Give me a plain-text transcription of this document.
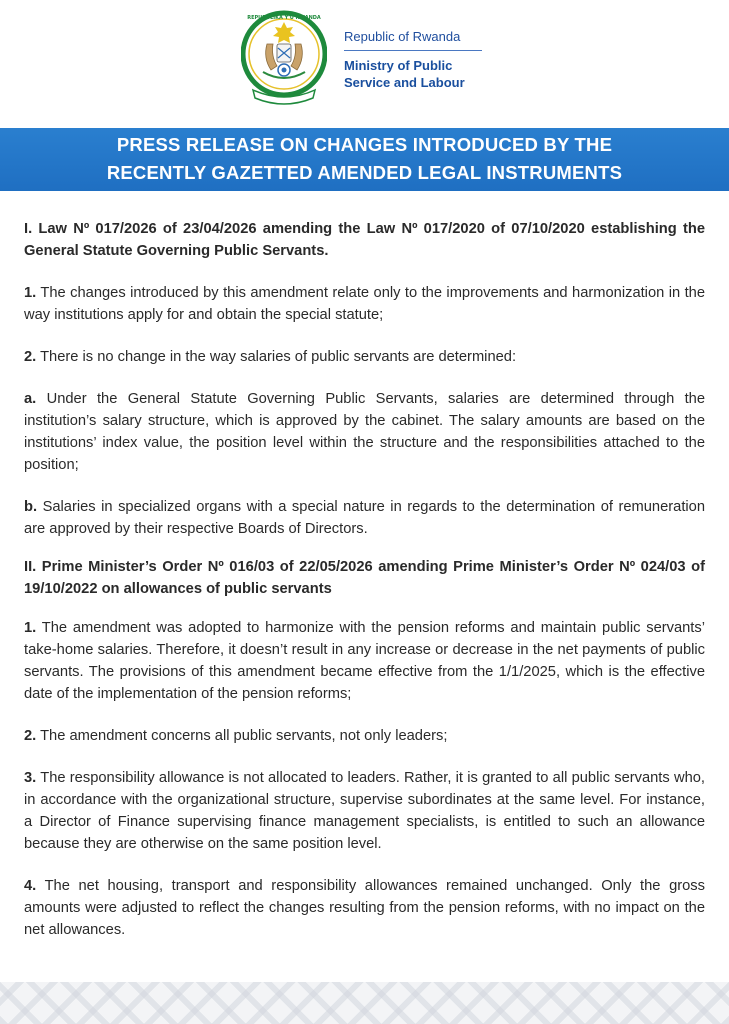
REPUBULIKA Y'U RWANDA
Republic of Rwanda
Ministry of Public
Service and Labour
PRESS RELEASE ON CHANGES INTRODUCED BY THE
RECENTLY GAZETTED AMENDED LEGAL INSTRUMENTS

I. Law Nº 017/2026 of 23/04/2026 amending the Law Nº 017/2020 of 07/10/2020 establishing the General Statute Governing Public Servants.

1. The changes introduced by this amendment relate only to the improvements and harmonization in the way institutions apply for and obtain the special statute;

2. There is no change in the way salaries of public servants are determined:

a. Under the General Statute Governing Public Servants, salaries are determined through the institution’s salary structure, which is approved by the cabinet. The salary amounts are based on the institutions’ index value, the position level within the structure and the responsibilities attached to the position;

b. Salaries in specialized organs with a special nature in regards to the determination of remuneration are approved by their respective Boards of Directors.

II. Prime Minister’s Order Nº 016/03 of 22/05/2026 amending Prime Minister’s Order Nº 024/03 of 19/10/2022 on allowances of public servants

1. The amendment was adopted to harmonize with the pension reforms and maintain public servants’ take-home salaries. Therefore, it doesn’t result in any increase or decrease in the net payments of public servants. The provisions of this amendment became effective from the 1/1/2025, which is the effective date of the implementation of the pension reforms;

2. The amendment concerns all public servants, not only leaders;

3. The responsibility allowance is not allocated to leaders. Rather, it is granted to all public servants who, in accordance with the organizational structure, supervise subordinates at the same level. For instance, a Director of Finance supervising finance management specialists, is entitled to such an allowance because they are otherwise on the same position level.

4. The net housing, transport and responsibility allowances remained unchanged. Only the gross amounts were adjusted to reflect the changes resulting from the pension reforms, with no impact on the net allowances.
